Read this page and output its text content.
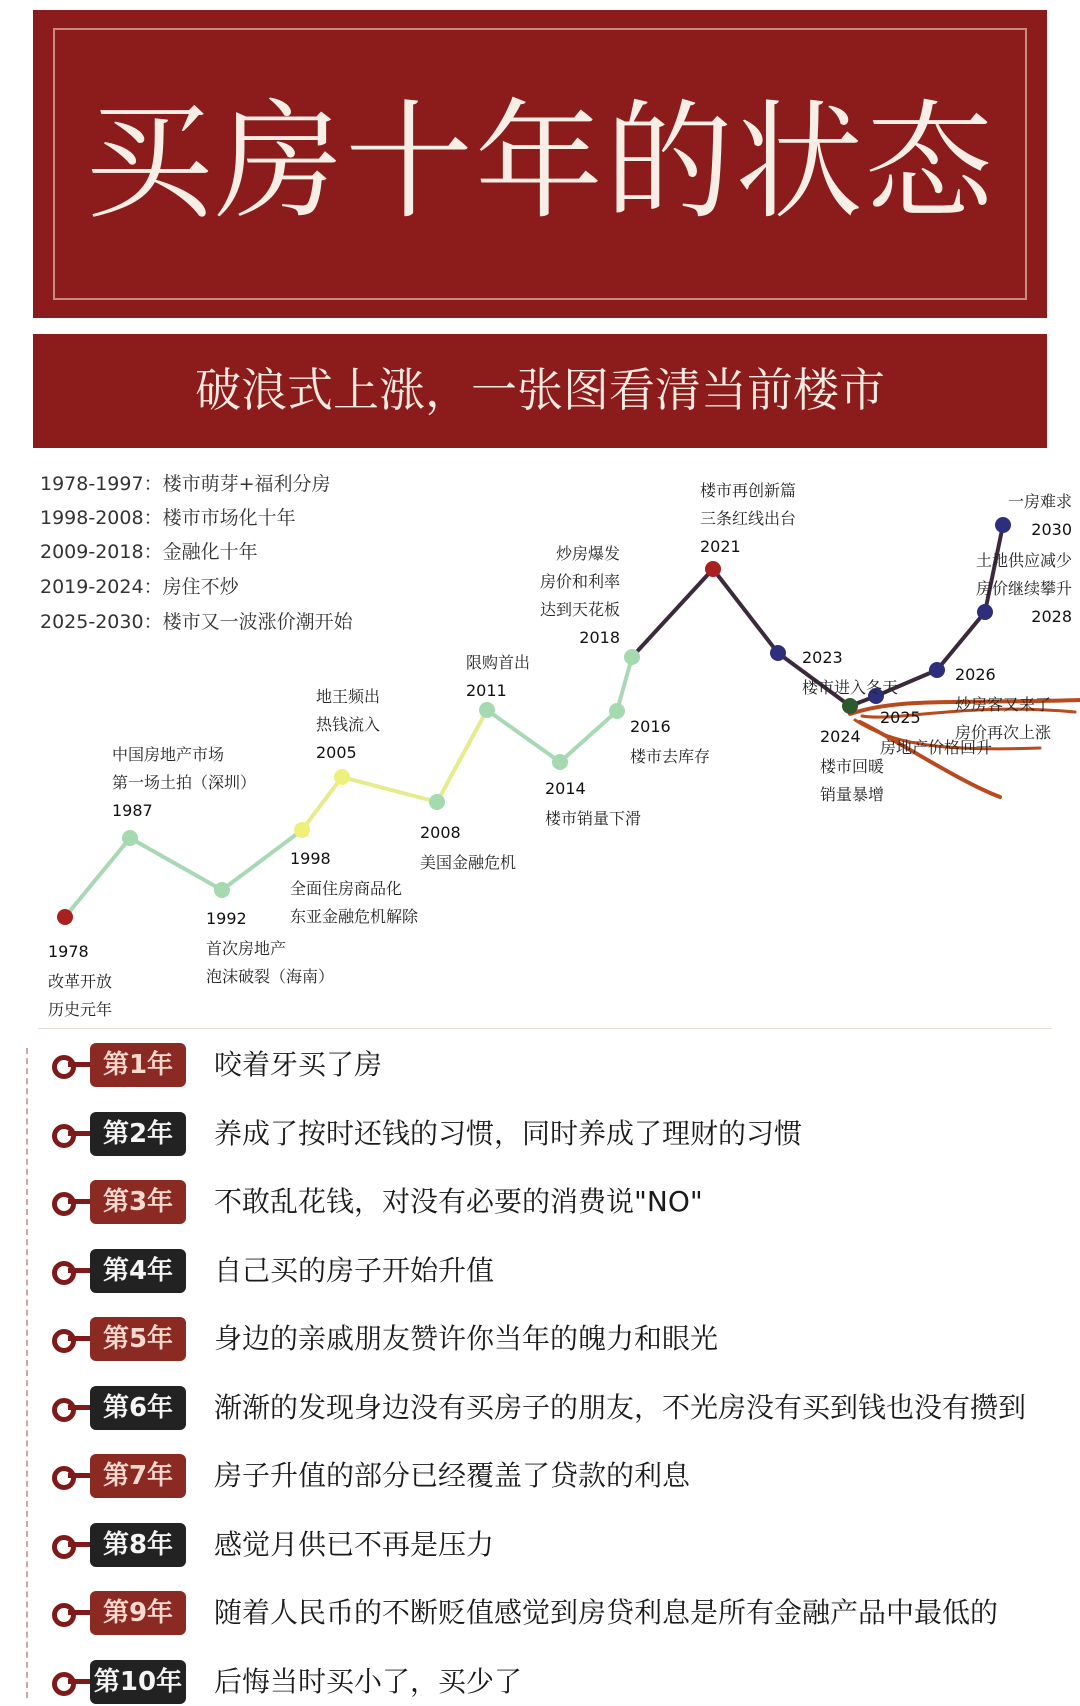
买房十年的状态
破浪式上涨，一张图看清当前楼市
1978-1997：楼市萌芽+福利分房
1998-2008：楼市市场化十年
2009-2018：金融化十年
2019-2024：房住不炒
2025-2030：楼市又一波涨价潮开始
1978
改革开放
历史元年
1987
中国房地产市场
第一场土拍（深圳）
1992
首次房地产
泡沫破裂（海南）
1998
全面住房商品化
东亚金融危机解除
2005
地王频出
热钱流入
2008
美国金融危机
2011
限购首出
2014
楼市销量下滑
2016
楼市去库存
2018
炒房爆发
房价和利率
达到天花板
2021
楼市再创新篇
三条红线出台
2023
楼市进入冬天
2024
楼市回暖
销量暴增
2025
房地产价格回升
2026
炒房客又来了
房价再次上涨
2028
土地供应减少
房价继续攀升
2030
一房难求
第1年	咬着牙买了房
第2年	养成了按时还钱的习惯，同时养成了理财的习惯
第3年	不敢乱花钱，对没有必要的消费说"NO"
第4年	自己买的房子开始升值
第5年	身边的亲戚朋友赞许你当年的魄力和眼光
第6年	渐渐的发现身边没有买房子的朋友，不光房没有买到钱也没有攒到
第7年	房子升值的部分已经覆盖了贷款的利息
第8年	感觉月供已不再是压力
第9年	随着人民币的不断贬值感觉到房贷利息是所有金融产品中最低的
第10年 后悔当时买小了，买少了
